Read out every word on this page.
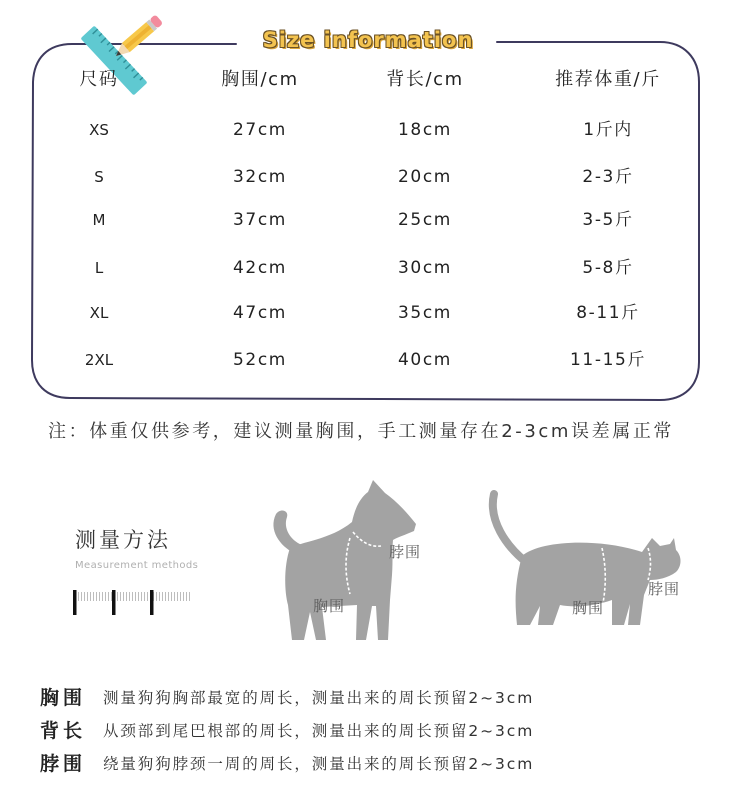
Size information
尺码	胸围/cm	背长/cm	推荐体重/斤
XS	27cm	18cm	1斤内
S	32cm	20cm	2-3斤
M	37cm	25cm	3-5斤
L	42cm	30cm	5-8斤
XL	47cm	35cm	8-11斤
2XL	52cm	40cm	11-15斤
注：体重仅供参考，建议测量胸围，手工测量存在2-3cm误差属正常
测量方法
Measurement methods
脖围
胸围
脖围
胸围
胸围 测量狗狗胸部最宽的周长，测量出来的周长预留2~3cm
背长 从颈部到尾巴根部的周长，测量出来的周长预留2~3cm
脖围 绕量狗狗脖颈一周的周长，测量出来的周长预留2~3cm
